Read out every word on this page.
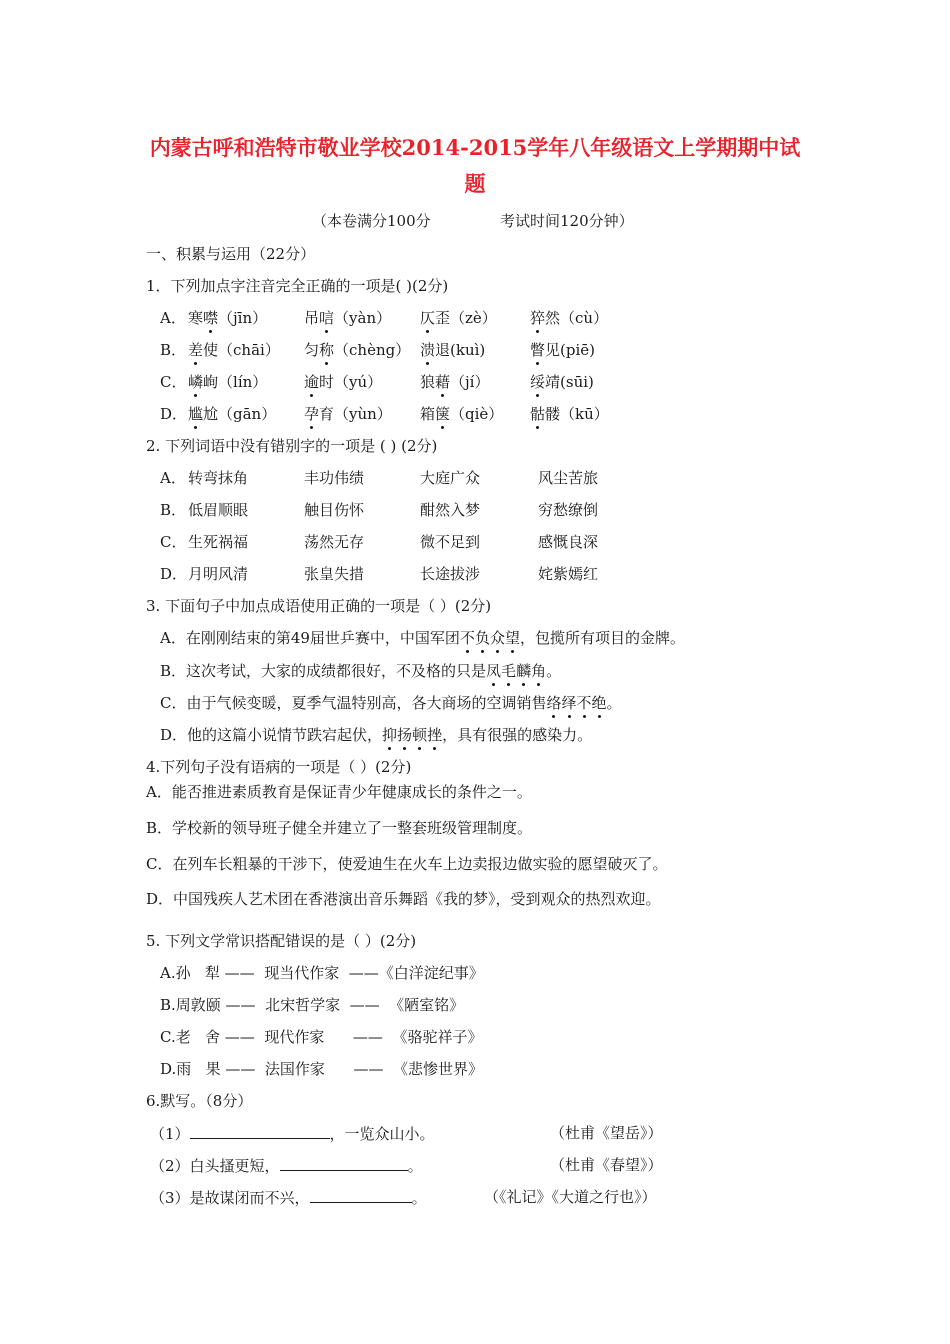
内蒙古呼和浩特市敬业学校2014-2015学年八年级语文上学期期中试
题
（本卷满分100分	考试时间120分钟）
一、积累与运用（22分）
1．下列加点字注音完全正确的一项是( )(2分)
A． 寒噤（jīn） 吊唁（yàn） 仄歪（zè） 猝然（cù）
B． 差使（chāi） 匀称（chèng） 溃退(kuì)	瞥见(piē)
C． 嶙峋（lín） 逾时（yú）	狼藉（jí）	绥靖(sūi)
D． 尴尬（gān） 孕育（yùn） 箱箧（qiè） 骷髅（kū）
2. 下列词语中没有错别字的一项是 ( ) (2分)
A． 转弯抹角	丰功伟绩	大庭广众	风尘苦旅
B． 低眉顺眼	触目伤怀	酣然入梦	穷愁缭倒
C． 生死祸福	荡然无存	微不足到	感慨良深
D． 月明风清	张皇失措	长途拔涉	姹紫嫣红
3. 下面句子中加点成语使用正确的一项是（ ）(2分)
A．在刚刚结束的第49届世乒赛中，中国军团不负众望，包揽所有项目的金牌。
B．这次考试，大家的成绩都很好，不及格的只是凤毛麟角。
C．由于气候变暖，夏季气温特别高，各大商场的空调销售络绎不绝。
D．他的这篇小说情节跌宕起伏，抑扬顿挫，具有很强的感染力。
4.下列句子没有语病的一项是（ ）(2分)
A．能否推进素质教育是保证青少年健康成长的条件之一。
B．学校新的领导班子健全并建立了一整套班级管理制度。
C．在列车长粗暴的干涉下，使爱迪生在火车上边卖报边做实验的愿望破灭了。
D．中国残疾人艺术团在香港演出音乐舞蹈《我的梦》，受到观众的热烈欢迎。
5. 下列文学常识搭配错误的是（ ）(2分)
A.孙   犁 ——  现当代作家  ——《白洋淀纪事》
B.周敦颐 ——  北宋哲学家  ——  《陋室铭》
C.老   舍 ——  现代作家      ——  《骆驼祥子》
D.雨   果 ——  法国作家      ——  《悲惨世界》
6.默写。（8分）
（1）	，一览众山小。	（杜甫《望岳》）
（2）白头搔更短，	。	（杜甫《春望》）
（3）是故谋闭而不兴，	。	（《礼记》《大道之行也》）
